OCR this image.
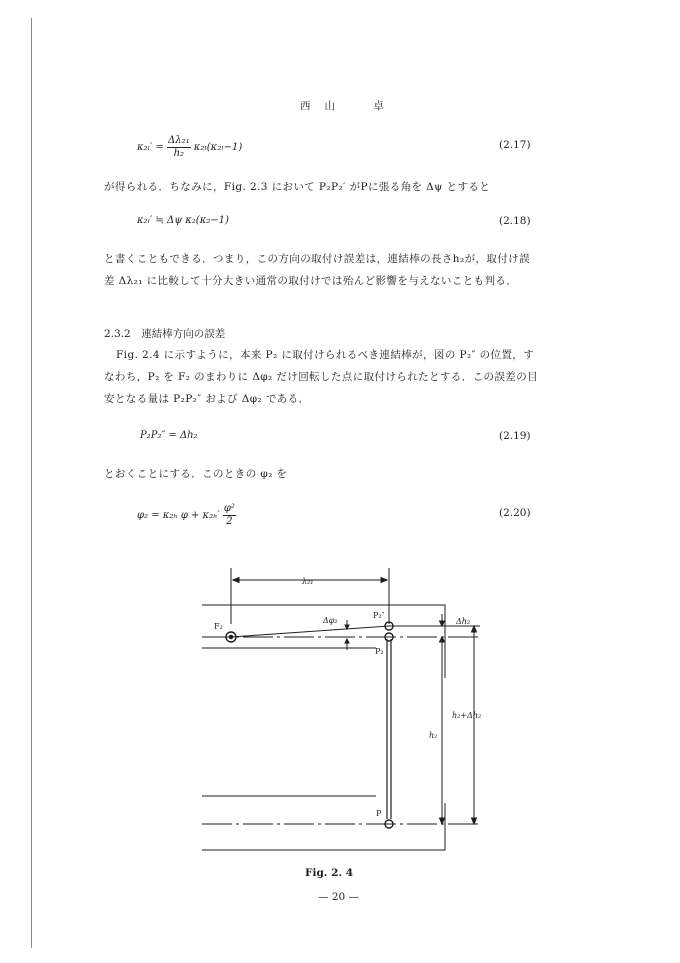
西山　卓
$\kappa_{2l}' = \frac{\text{Δλ₂₁}}{\text{h₂}} \kappa_{2l}(\kappa_{2l}-1)$	(2.17)
が得られる．ちなみに，Fig. 2.3 において P₂P₂′ がPに張る角を Δψ とすると
κ₂ₗ′ ≒ Δψ κ₂(κ₂−1)	(2.18)
と書くこともできる．つまり，この方向の取付け誤差は，連結棒の長さh₂が，取付け誤
差 Δλ₂₁ に比較して十分大きい通常の取付けでは殆んど影響を与えないことも判る．
2.3.2　連結棒方向の誤差
Fig. 2.4 に示すように，本来 P₂ に取付けられるべき連結棒が，図の P₂″ の位置，す
なわち，P₂ を F₂ のまわりに Δφ₂ だけ回転した点に取付けられたとする．この誤差の目
安となる量は P₂P₂″ および Δφ₂ である．
P₂P₂″ = Δh₂	(2.19)
とおくことにする．このときの φ₂ を
φ₂ = κ₂ₕ $\varphi + \kappa_{2h}' \frac{\text{φ²}}{2}$	(2.20)
λ₂₁
F₂
Δφ₂
P₂″
P₂
Δh₂
h₂+Δh₂
h₂
P
Fig. 2. 4
— 20 —
